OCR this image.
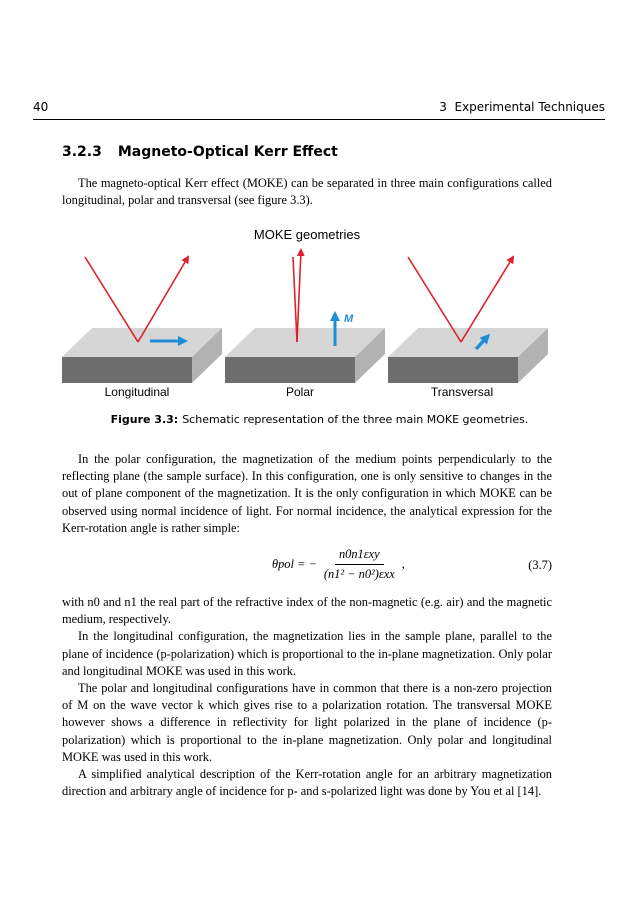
40	3  Experimental Techniques
3.2.3 Magneto-Optical Kerr Effect

The magneto-optical Kerr effect (MOKE) can be separated in three main configurations called longitudinal, polar and transversal (see figure 3.3).

MOKE geometries
M
Longitudinal	Polar	Transversal
Figure 3.3: Schematic representation of the three main MOKE geometries.

In the polar configuration, the magnetization of the medium points perpendicularly to the reflecting plane (the sample surface). In this configuration, one is only sensitive to changes in the out of plane component of the magnetization. It is the only configuration in which MOKE can be observed using normal incidence of light. For normal incidence, the analytical expression for the Kerr-rotation angle is rather simple:

θpol = − $\frac{\text{n0n1εxy}}{\text{(n1² − n0²)εxx}}$ ,	(3.7)

with n0 and n1 the real part of the refractive index of the non-magnetic (e.g. air) and the magnetic medium, respectively.

In the longitudinal configuration, the magnetization lies in the sample plane, parallel to the plane of incidence (p-polarization) which is proportional to the in-plane magnetization. Only polar and longitudinal MOKE was used in this work.

The polar and longitudinal configurations have in common that there is a non-zero projection of M on the wave vector k which gives rise to a polarization rotation. The transversal MOKE however shows a difference in reflectivity for light polarized in the plane of incidence (p-polarization) which is proportional to the in-plane magnetization. Only polar and longitudinal MOKE was used in this work.

A simplified analytical description of the Kerr-rotation angle for an arbitrary magnetization direction and arbitrary angle of incidence for p- and s-polarized light was done by You et al [14].
